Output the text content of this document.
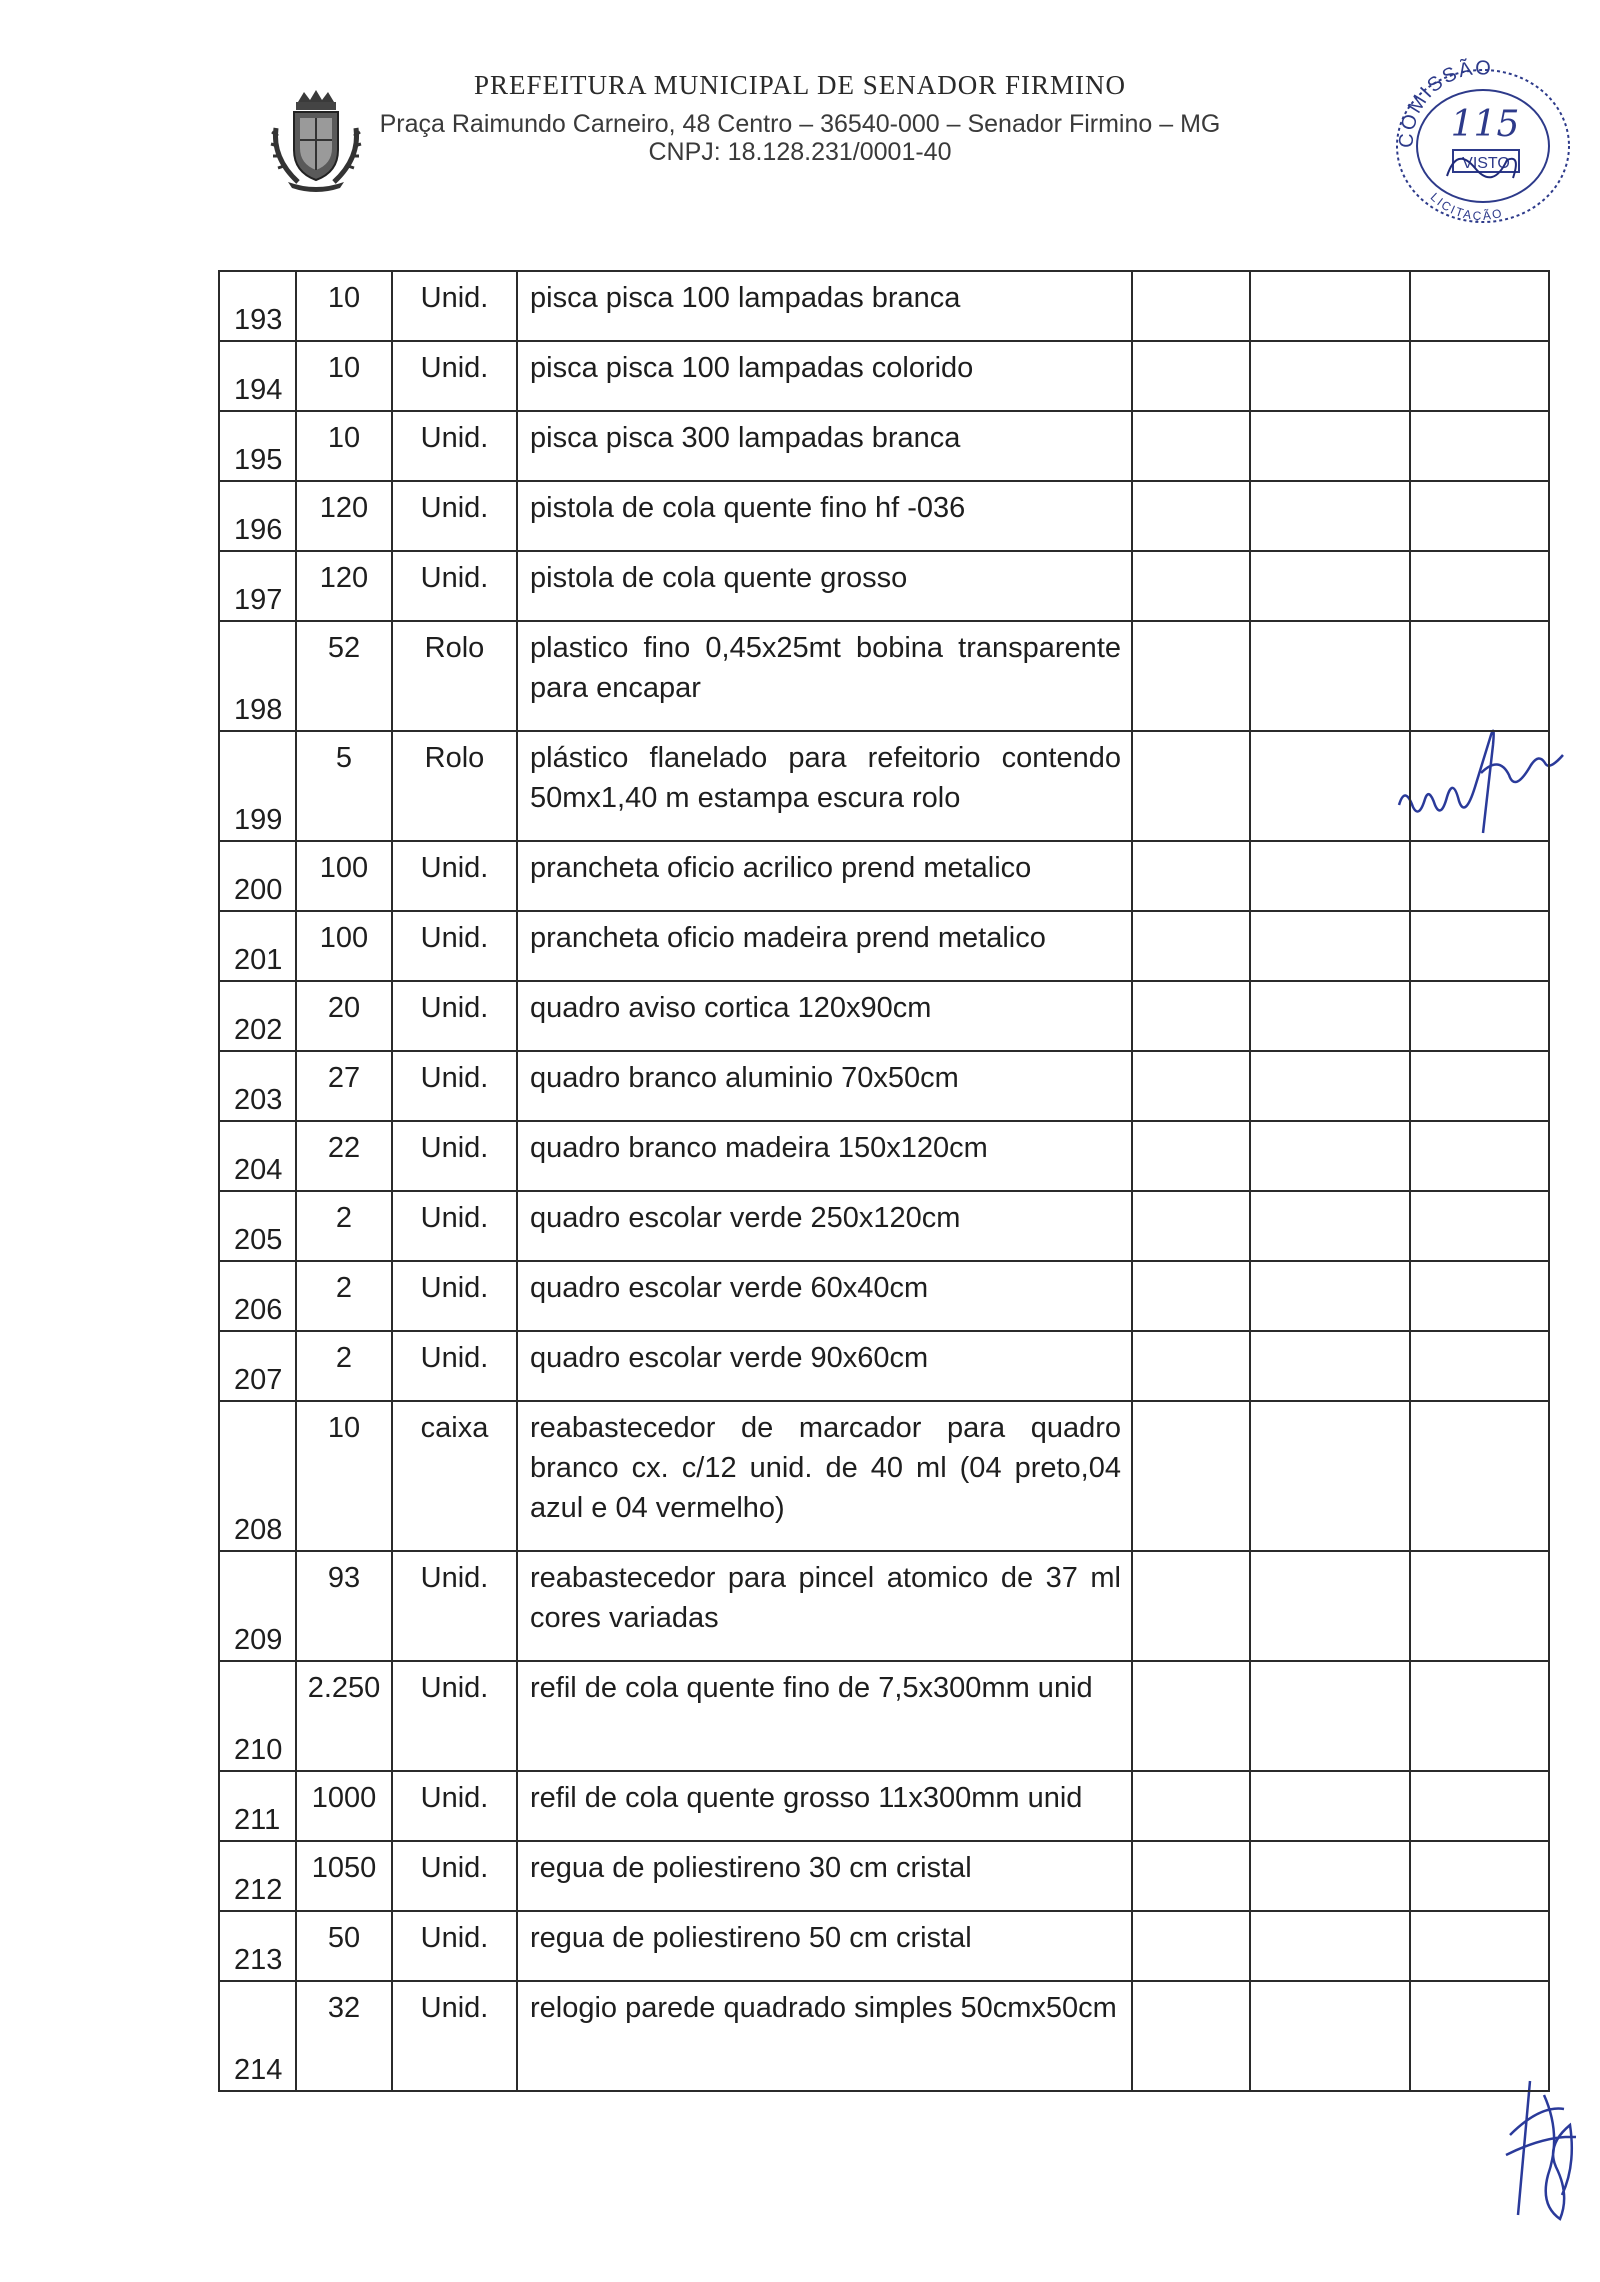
PREFEITURA MUNICIPAL DE SENADOR FIRMINO
Praça Raimundo Carneiro, 48 Centro – 36540-000 – Senador Firmino – MG
CNPJ: 18.128.231/0001-40	COMISSÃO
LICITAÇÃO
115
VISTO
193	10	Unid.	pisca pisca 100 lampadas branca			
194	10	Unid.	pisca pisca 100 lampadas colorido			
195	10	Unid.	pisca pisca 300 lampadas branca			
196	120	Unid.	pistola de cola quente fino hf -036			
197	120	Unid.	pistola de cola quente grosso			
198	52	Rolo	plastico fino 0,45x25mt bobina transparente para encapar			
199	5	Rolo	plástico flanelado para refeitorio contendo 50mx1,40 m estampa escura rolo			
200	100	Unid.	prancheta oficio acrilico prend metalico			
201	100	Unid.	prancheta oficio madeira prend metalico			
202	20	Unid.	quadro aviso cortica 120x90cm			
203	27	Unid.	quadro branco aluminio 70x50cm			
204	22	Unid.	quadro branco madeira 150x120cm			
205	2	Unid.	quadro escolar verde 250x120cm			
206	2	Unid.	quadro escolar verde 60x40cm			
207	2	Unid.	quadro escolar verde 90x60cm			
208	10	caixa	reabastecedor de marcador para quadro branco cx. c/12 unid. de 40 ml (04 preto,04 azul e 04 vermelho)			
209	93	Unid.	reabastecedor para pincel atomico de 37 ml cores variadas			
210	2.250	Unid.	refil de cola quente fino de 7,5x300mm unid			
211	1000	Unid.	refil de cola quente grosso 11x300mm unid			
212	1050	Unid.	regua de poliestireno 30 cm cristal			
213	50	Unid.	regua de poliestireno 50 cm cristal			
214	32	Unid.	relogio parede quadrado simples 50cmx50cm			
